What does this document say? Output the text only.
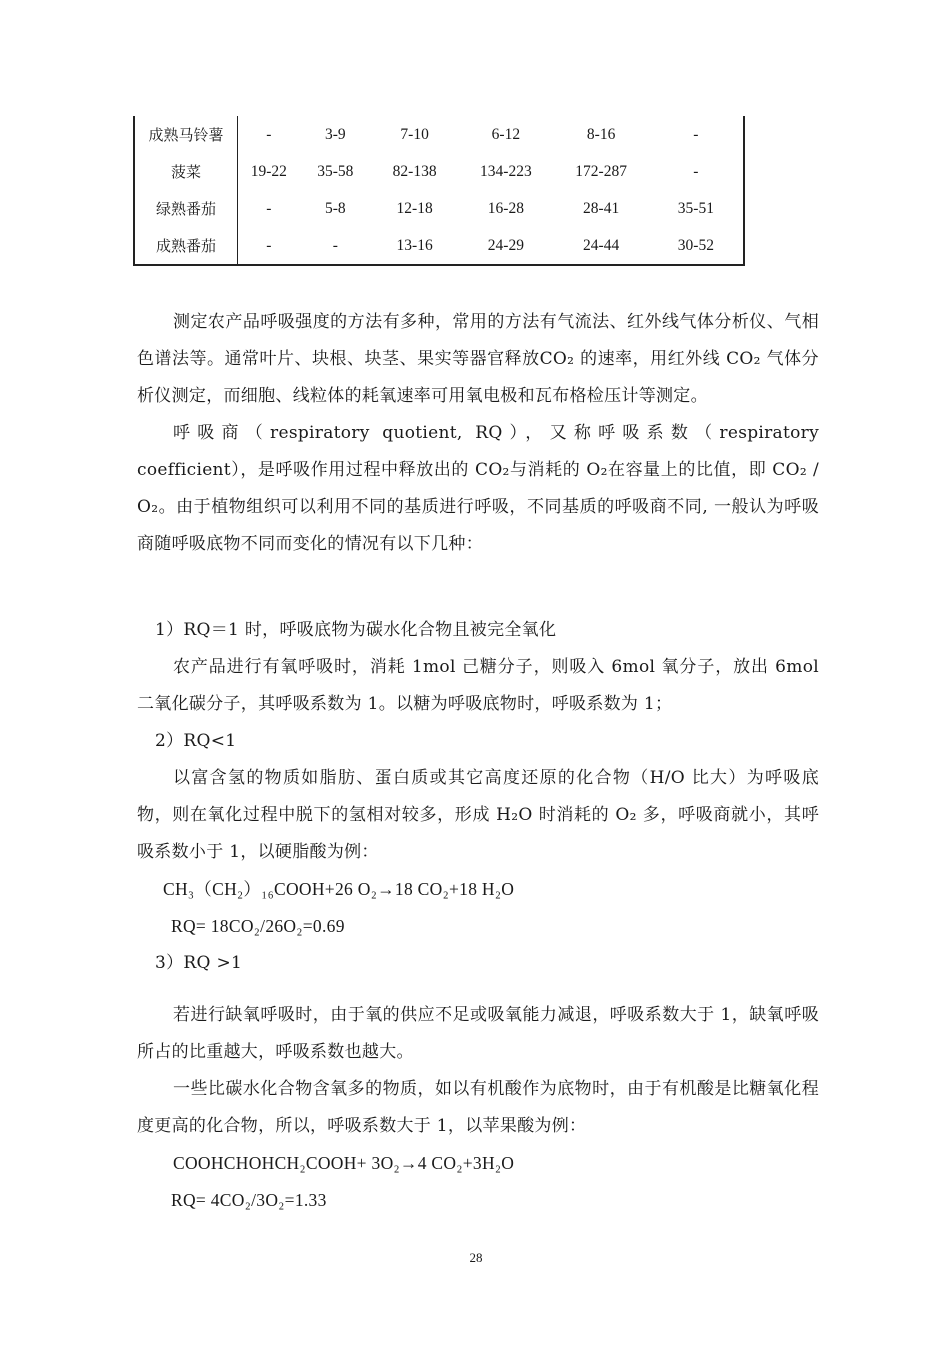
成熟马铃薯	-	3-9	7-10	6-12	8-16	-
菠菜	19-22	35-58	82-138	134-223	172-287	-
绿熟番茄	-	5-8	12-18	16-28	28-41	35-51
成熟番茄	-	-	13-16	24-29	24-44	30-52

测定农产品呼吸强度的方法有多种，常用的方法有气流法、红外线气体分析仪、气相色谱法等。通常叶片、块根、块茎、果实等器官释放CO₂ 的速率，用红外线 CO₂ 气体分析仪测定，而细胞、线粒体的耗氧速率可用氧电极和瓦布格检压计等测定。

呼吸商（respiratory quotient, RQ），又称呼吸系数（respiratory coefficient），是呼吸作用过程中释放出的 CO₂与消耗的 O₂在容量上的比值，即 CO₂ / O₂。由于植物组织可以利用不同的基质进行呼吸，不同基质的呼吸商不同, 一般认为呼吸商随呼吸底物不同而变化的情况有以下几种：

1）RQ＝1 时，呼吸底物为碳水化合物且被完全氧化

农产品进行有氧呼吸时，消耗 1mol 己糖分子，则吸入 6mol 氧分子，放出 6mol 二氧化碳分子，其呼吸系数为 1。以糖为呼吸底物时，呼吸系数为 1；

2）RQ<1

以富含氢的物质如脂肪、蛋白质或其它高度还原的化合物（H/O 比大）为呼吸底物，则在氧化过程中脱下的氢相对较多，形成 H₂O 时消耗的 O₂ 多，呼吸商就小，其呼吸系数小于 1，以硬脂酸为例：

CH₃（CH₂）₁₆COOH+26 O₂→18 CO₂+18 H₂O

RQ= 18CO₂/26O₂=0.69

3）RQ >1

若进行缺氧呼吸时，由于氧的供应不足或吸氧能力减退，呼吸系数大于 1，缺氧呼吸所占的比重越大，呼吸系数也越大。

一些比碳水化合物含氧多的物质，如以有机酸作为底物时，由于有机酸是比糖氧化程度更高的化合物，所以，呼吸系数大于 1，以苹果酸为例：

COOHCHOHCH₂COOH+ 3O₂→4 CO₂+3H₂O

RQ= 4CO₂/3O₂=1.33

28
